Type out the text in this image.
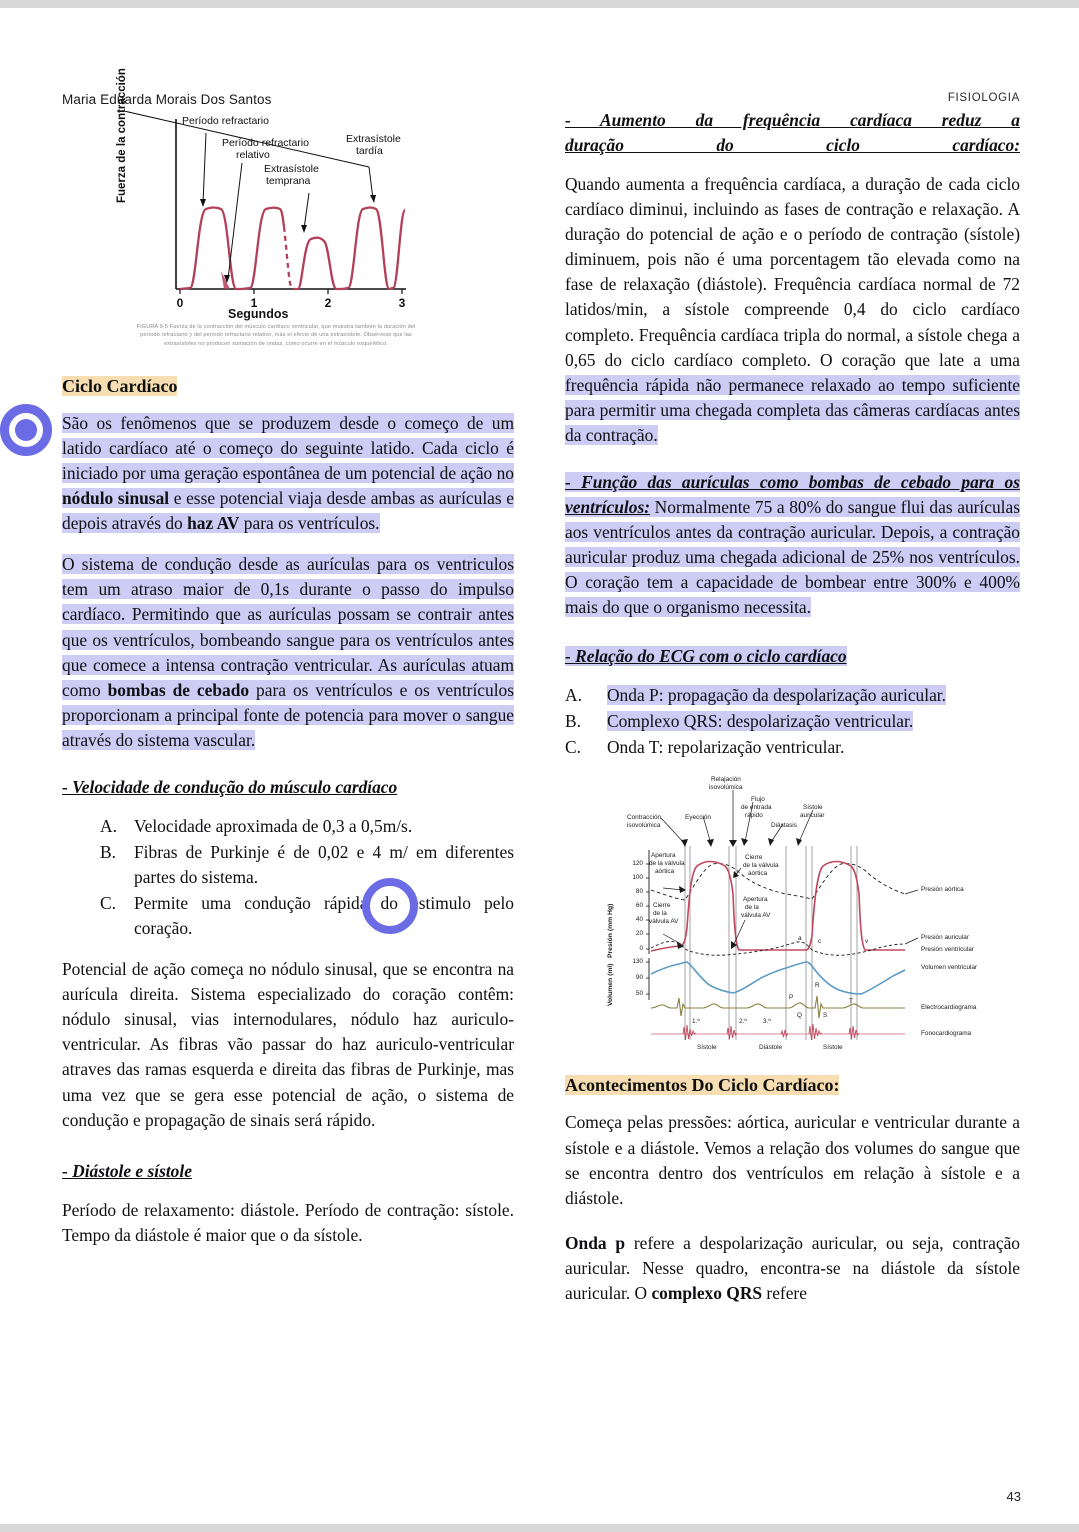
Maria Eduarda Morais Dos Santos
Fuerza de la contracción
0	1	2	3
Período refractario
Período refractario
relativo
Extrasístole
temprana
Extrasístole
tardía
Segundos
FIGURA 9-5 Fuerza de la contracción del músculo cardíaco ventricular, que muestra también la duración del período refractario y del período refractario relativo, más el efecto de una extrasístole. Obsérvese que las extrasístoles no producen sumación de ondas, como ocurre en el músculo esquelético.
Ciclo Cardíaco

São os fenômenos que se produzem desde o começo de um latido cardíaco até o começo do seguinte latido. Cada ciclo é iniciado por uma geração espontânea de um potencial de ação no nódulo sinusal e esse potencial viaja desde ambas as aurículas e depois através do haz AV para os ventrículos.

O sistema de condução desde as aurículas para os ventriculos tem um atraso maior de 0,1s durante o passo do impulso cardíaco. Permitindo que as aurículas possam se contrair antes que os ventrículos, bombeando sangue para os ventrículos antes que comece a intensa contração ventricular. As aurículas atuam como bombas de cebado para os ventrículos e os ventrículos proporcionam a principal fonte de potencia para mover o sangue através do sistema vascular.

- Velocidade de condução do músculo cardíaco
Velocidade aproximada de 0,3 a 0,5m/s.
Fibras de Purkinje é de 0,02 e 4 m/ em diferentes partes do sistema.
Permite uma condução rápida do estimulo pelo coração.

Potencial de ação começa no nódulo sinusal, que se encontra na aurícula direita. Sistema especializado do coração contêm: nódulo sinusal, vias internodulares, nódulo haz auriculo-ventricular. As fibras vão passar do haz auriculo-ventricular atraves das ramas esquerda e direita das fibras de Purkinje, mas uma vez que se gera esse potencial de ação, o sistema de condução e propagação de sinais será rápido.

- Diástole e sístole

Período de relaxamento: diástole. Período de contração: sístole. Tempo da diástole é maior que o da sístole.

FISIOLOGIA
- Aumento da frequência cardíaca reduz a
duração do ciclo cardíaco:

Quando aumenta a frequência cardíaca, a duração de cada ciclo cardíaco diminui, incluindo as fases de contração e relaxação. A duração do potencial de ação e o período de contração (sístole) diminuem, pois não é uma porcentagem tão elevada como na fase de relaxação (diástole). Frequência cardíaca normal de 72 latidos/min, a sístole compreende 0,4 do ciclo cardíaco completo. Frequência cardíaca tripla do normal, a sístole chega a 0,65 do ciclo cardíaco completo. O coração que late a uma frequência rápida não permanece relaxado ao tempo suficiente para permitir uma chegada completa das câmeras cardíacas antes da contração.

- Função das aurículas como bombas de cebado para os ventrículos: Normalmente 75 a 80% do sangue flui das aurículas aos ventrículos antes da contração auricular. Depois, a contração auricular produz uma chegada adicional de 25% nos ventrículos. O coração tem a capacidade de bombear entre 300% e 400% mais do que o organismo necessita.

- Relação do ECG com o ciclo cardíaco
Onda P: propagação da despolarização auricular.
Complexo QRS: despolarização ventricular.
Onda T: repolarização ventricular.
Presión (mm Hg)
Volumen (ml)
120
100
80
60
40
20
0
130
90
50
Relajación
isovolúmica
Flujo
de entrada
rápido
Sístole
auricular
Contracción
isovolúmica
Eyección
Diástasis
Apertura
de la válvula
aórtica
Cierre
de la válvula
aórtica
Cierre
de la
válvula AV
Apertura
de la
válvula AV
Presión aórtica
Presión auricular
Presión ventricular
Volumen ventricular
Electrocardiograma
Fonocardiograma
P
Q
R
S
T
1.º	2.º	3.º
a	c	v
Sístole	Diástole	Sístole
Acontecimentos Do Ciclo Cardíaco:

Começa pelas pressões: aórtica, auricular e ventricular durante a sístole e a diástole. Vemos a relação dos volumes do sangue que se encontra dentro dos ventrículos em relação à sístole e a diástole.

Onda p refere a despolarização auricular, ou seja, contração auricular. Nesse quadro, encontra-se na diástole da sístole auricular. O complexo QRS refere

43
